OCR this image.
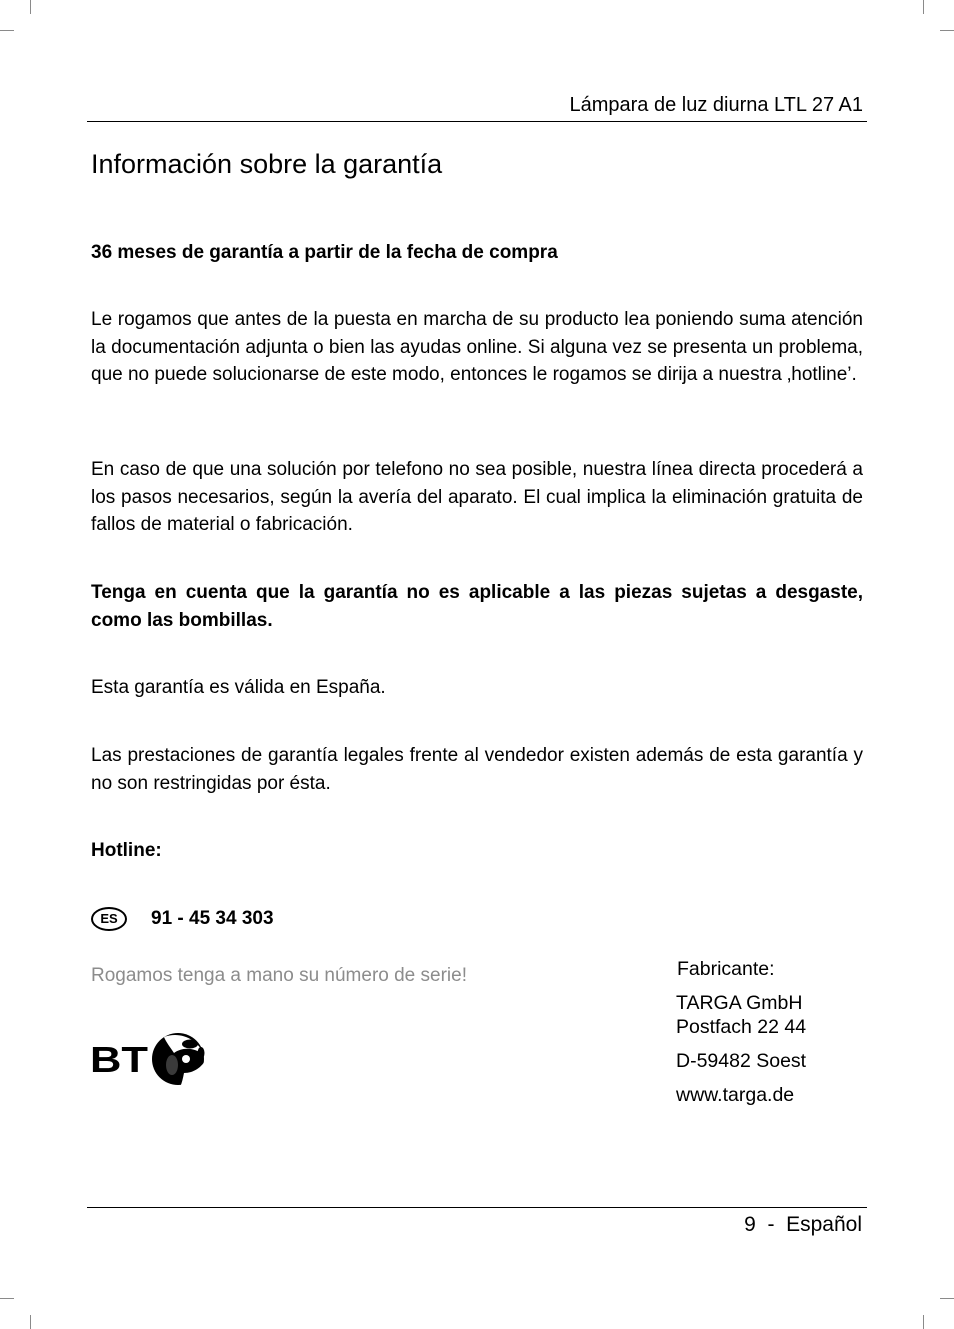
Lámpara de luz diurna LTL 27 A1
Información sobre la garantía

36 meses de garantía a partir de la fecha de compra

Le rogamos que antes de la puesta en marcha de su producto lea poniendo suma atención la documentación adjunta o bien las ayudas online. Si alguna vez se presenta un problema, que no puede solucionarse de este modo, entonces le rogamos se dirija a nuestra ‚hotline’.

En caso de que una solución por telefono no sea posible, nuestra línea directa procederá a los pasos necesarios, según la avería del aparato. El cual implica la eliminación gratuita de fallos de material o fabricación.

Tenga en cuenta que la garantía no es aplicable a las piezas sujetas a desgaste, como las bombillas.

Esta garantía es válida en España.

Las prestaciones de garantía legales frente al vendedor existen además de esta garantía y no son restringidas por ésta.

Hotline:

ES	91 - 45 34 303

Rogamos tenga a mano su número de serie!

BT
Fabricante:
TARGA GmbH
Postfach 22 44
D-59482 Soest
www.targa.de
9 - Español
